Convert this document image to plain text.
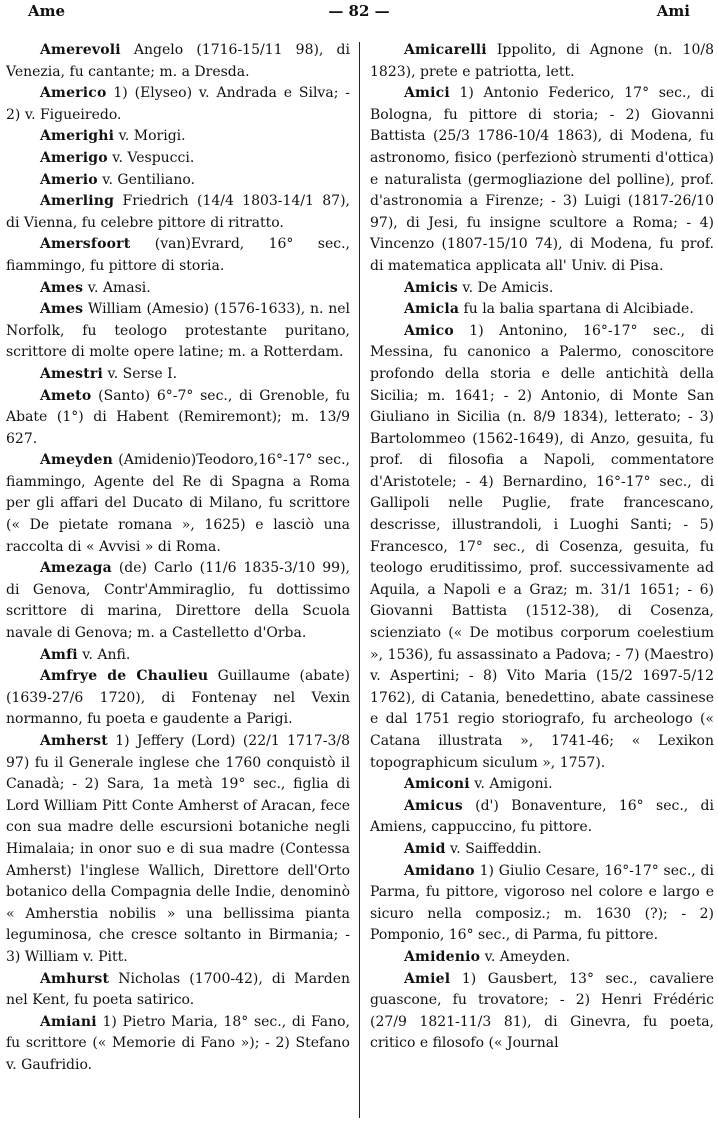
Ame	— 82 —	Ami

Amerevoli Angelo (1716-15/11 98), di Venezia, fu cantante; m. a Dresda.

Americo 1) (Elyseo) v. Andrada e Silva; - 2) v. Figueiredo.

Amerighi v. Morigi.

Amerigo v. Vespucci.

Amerio v. Gentiliano.

Amerling Friedrich (14/4 1803-14/1 87), di Vienna, fu celebre pittore di ritratto.

Amersfoort (van)Evrard, 16° sec., fiammingo, fu pittore di storia.

Ames v. Amasi.

Ames William (Amesio) (1576-1633), n. nel Norfolk, fu teologo protestante puritano, scrittore di molte opere latine; m. a Rotterdam.

Amestri v. Serse I.

Ameto (Santo) 6°-7° sec., di Grenoble, fu Abate (1°) di Habent (Remiremont); m. 13/9 627.

Ameyden (Amidenio)Teodoro,16°-17° sec., fiammingo, Agente del Re di Spagna a Roma per gli affari del Ducato di Milano, fu scrittore (« De pietate romana », 1625) e lasciò una raccolta di « Avvisi » di Roma.

Amezaga (de) Carlo (11/6 1835-3/10 99), di Genova, Contr'Ammiraglio, fu dottissimo scrittore di marina, Direttore della Scuola navale di Genova; m. a Castelletto d'Orba.

Amfi v. Anfi.

Amfrye de Chaulieu Guillaume (abate) (1639-27/6 1720), di Fontenay nel Vexin normanno, fu poeta e gaudente a Parigi.

Amherst 1) Jeffery (Lord) (22/1 1717-3/8 97) fu il Generale inglese che 1760 conquistò il Canadà; - 2) Sara, 1a metà 19° sec., figlia di Lord William Pitt Conte Amherst of Aracan, fece con sua madre delle escursioni botaniche negli Himalaia; in onor suo e di sua madre (Contessa Amherst) l'inglese Wallich, Direttore dell'Orto botanico della Compagnia delle Indie, denominò « Amherstia nobilis » una bellissima pianta leguminosa, che cresce soltanto in Birmania; - 3) William v. Pitt.

Amhurst Nicholas (1700-42), di Marden nel Kent, fu poeta satirico.

Amiani 1) Pietro Maria, 18° sec., di Fano, fu scrittore (« Memorie di Fano »); - 2) Stefano v. Gaufridio.

Amicarelli Ippolito, di Agnone (n. 10/8 1823), prete e patriotta, lett.

Amici 1) Antonio Federico, 17° sec., di Bologna, fu pittore di storia; - 2) Giovanni Battista (25/3 1786-10/4 1863), di Modena, fu astronomo, fisico (perfezionò strumenti d'ottica) e naturalista (germogliazione del polline), prof. d'astronomia a Firenze; - 3) Luigi (1817-26/10 97), di Jesi, fu insigne scultore a Roma; - 4) Vincenzo (1807-15/10 74), di Modena, fu prof. di matematica applicata all' Univ. di Pisa.

Amicis v. De Amicis.

Amicla fu la balia spartana di Alcibiade.

Amico 1) Antonino, 16°-17° sec., di Messina, fu canonico a Palermo, conoscitore profondo della storia e delle antichità della Sicilia; m. 1641; - 2) Antonio, di Monte San Giuliano in Sicilia (n. 8/9 1834), letterato; - 3) Bartolommeo (1562-1649), di Anzo, gesuita, fu prof. di filosofia a Napoli, commentatore d'Aristotele; - 4) Bernardino, 16°-17° sec., di Gallipoli nelle Puglie, frate francescano, descrisse, illustrandoli, i Luoghi Santi; - 5) Francesco, 17° sec., di Cosenza, gesuita, fu teologo eruditissimo, prof. successivamente ad Aquila, a Napoli e a Graz; m. 31/1 1651; - 6) Giovanni Battista (1512-38), di Cosenza, scienziato (« De motibus corporum coelestium », 1536), fu assassinato a Padova; - 7) (Maestro) v. Aspertini; - 8) Vito Maria (15/2 1697-5/12 1762), di Catania, benedettino, abate cassinese e dal 1751 regio storiografo, fu archeologo (« Catana illustrata », 1741-46; « Lexikon topographicum siculum », 1757).

Amiconi v. Amigoni.

Amicus (d') Bonaventure, 16° sec., di Amiens, cappuccino, fu pittore.

Amid v. Saiffeddin.

Amidano 1) Giulio Cesare, 16°-17° sec., di Parma, fu pittore, vigoroso nel colore e largo e sicuro nella composiz.; m. 1630 (?); - 2) Pomponio, 16° sec., di Parma, fu pittore.

Amidenio v. Ameyden.

Amiel 1) Gausbert, 13° sec., cavaliere guascone, fu trovatore; - 2) Henri Frédéric (27/9 1821-11/3 81), di Ginevra, fu poeta, critico e filosofo (« Journal
